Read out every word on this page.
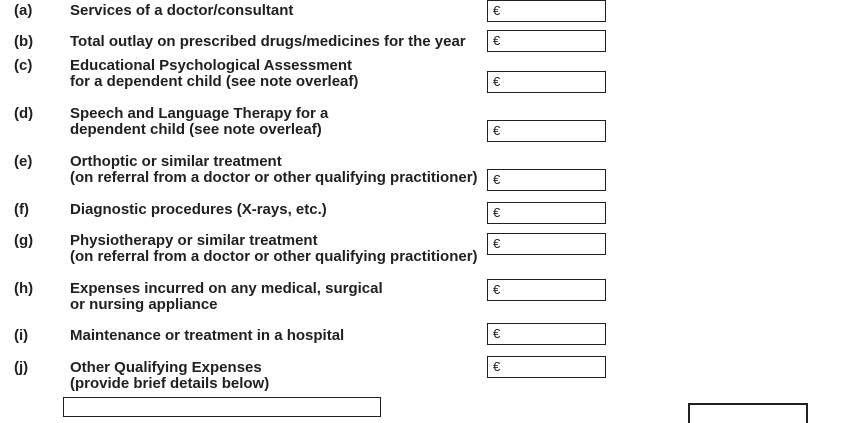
(a)	Services of a doctor/consultant	€
(b) Total outlay on prescribed drugs/medicines for the year €
(c)	Educational Psychological Assessment
for a dependent child (see note overleaf)	€
(d) Speech and Language Therapy for a
dependent child (see note overleaf)	€
(e)	Orthoptic or similar treatment
(on referral from a doctor or other qualifying practitioner) €
(f)	Diagnostic procedures (X-rays, etc.)	€
(g) Physiotherapy or similar treatment
(on referral from a doctor or other qualifying practitioner)
€
(h) Expenses incurred on any medical, surgical
or nursing appliance
€
(i)	Maintenance or treatment in a hospital	€
(j)	Other Qualifying Expenses
(provide brief details below)
€
